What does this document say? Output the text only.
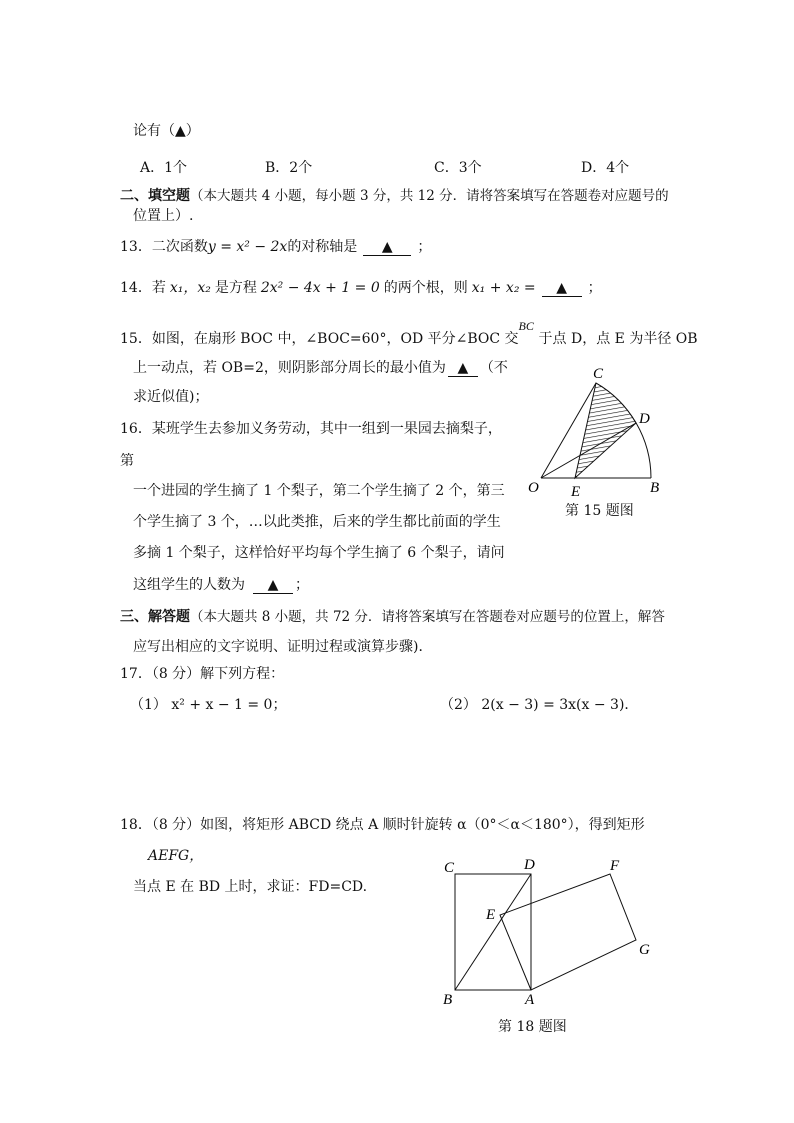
论有（▲）
A．1个	B．2个	C．3个	D．4个
二、填空题（本大题共 4 小题，每小题 3 分，共 12 分．请将答案填写在答题卷对应题号的
位置上）.
13．二次函数y = x² − 2x的对称轴是 ▲ ；
14．若 x₁，x₂ 是方程 2x² − 4x + 1 = 0 的两个根，则 x₁ + x₂ = ▲ ；
15．如图，在扇形 BOC 中，∠BOC=60°，OD 平分∠BOC 交
BC
于点 D，点 E 为半径 OB
上一动点，若 OB=2，则阴影部分周长的最小值为 ▲ （不
求近似值)；
C
D
O E	B
第 15 题图
16．某班学生去参加义务劳动，其中一组到一果园去摘梨子，
第
一个进园的学生摘了 1 个梨子，第二个学生摘了 2 个，第三
个学生摘了 3 个，…以此类推，后来的学生都比前面的学生
多摘 1 个梨子，这样恰好平均每个学生摘了 6 个梨子，请问
这组学生的人数为 ▲ ；
三、解答题（本大题共 8 小题，共 72 分．请将答案填写在答题卷对应题号的位置上，解答
应写出相应的文字说明、证明过程或演算步骤)．
17．（8 分）解下列方程：
（1） x² + x − 1 = 0；	（2） 2(x − 3) = 3x(x − 3)．
18．（8 分）如图，将矩形 ABCD 绕点 A 顺时针旋转 α（0°＜α＜180°），得到矩形
AEFG，
当点 E 在 BD 上时，求证：FD=CD.
C	D	F
E
G
B	A
第 18 题图
